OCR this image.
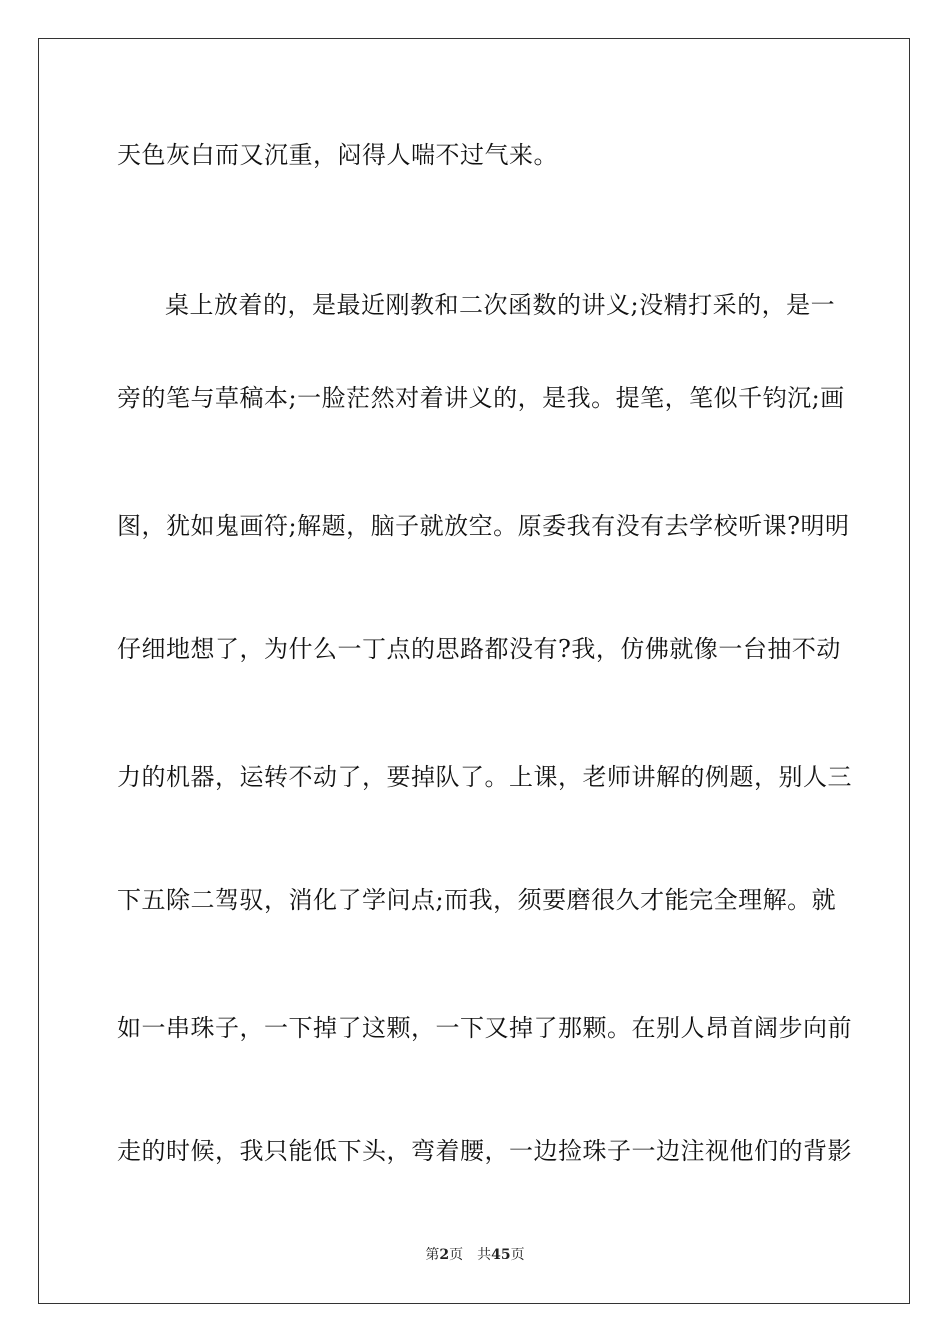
天色灰白而又沉重，闷得人喘不过气来。
桌上放着的，是最近刚教和二次函数的讲义;没精打采的，是一
旁的笔与草稿本;一脸茫然对着讲义的，是我。提笔，笔似千钧沉;画
图，犹如鬼画符;解题，脑子就放空。原委我有没有去学校听课?明明
仔细地想了，为什么一丁点的思路都没有?我，仿佛就像一台抽不动
力的机器，运转不动了，要掉队了。上课，老师讲解的例题，别人三
下五除二驾驭，消化了学问点;而我，须要磨很久才能完全理解。就
如一串珠子，一下掉了这颗，一下又掉了那颗。在别人昂首阔步向前
走的时候，我只能低下头，弯着腰，一边捡珠子一边注视他们的背影
第2页 共45页
